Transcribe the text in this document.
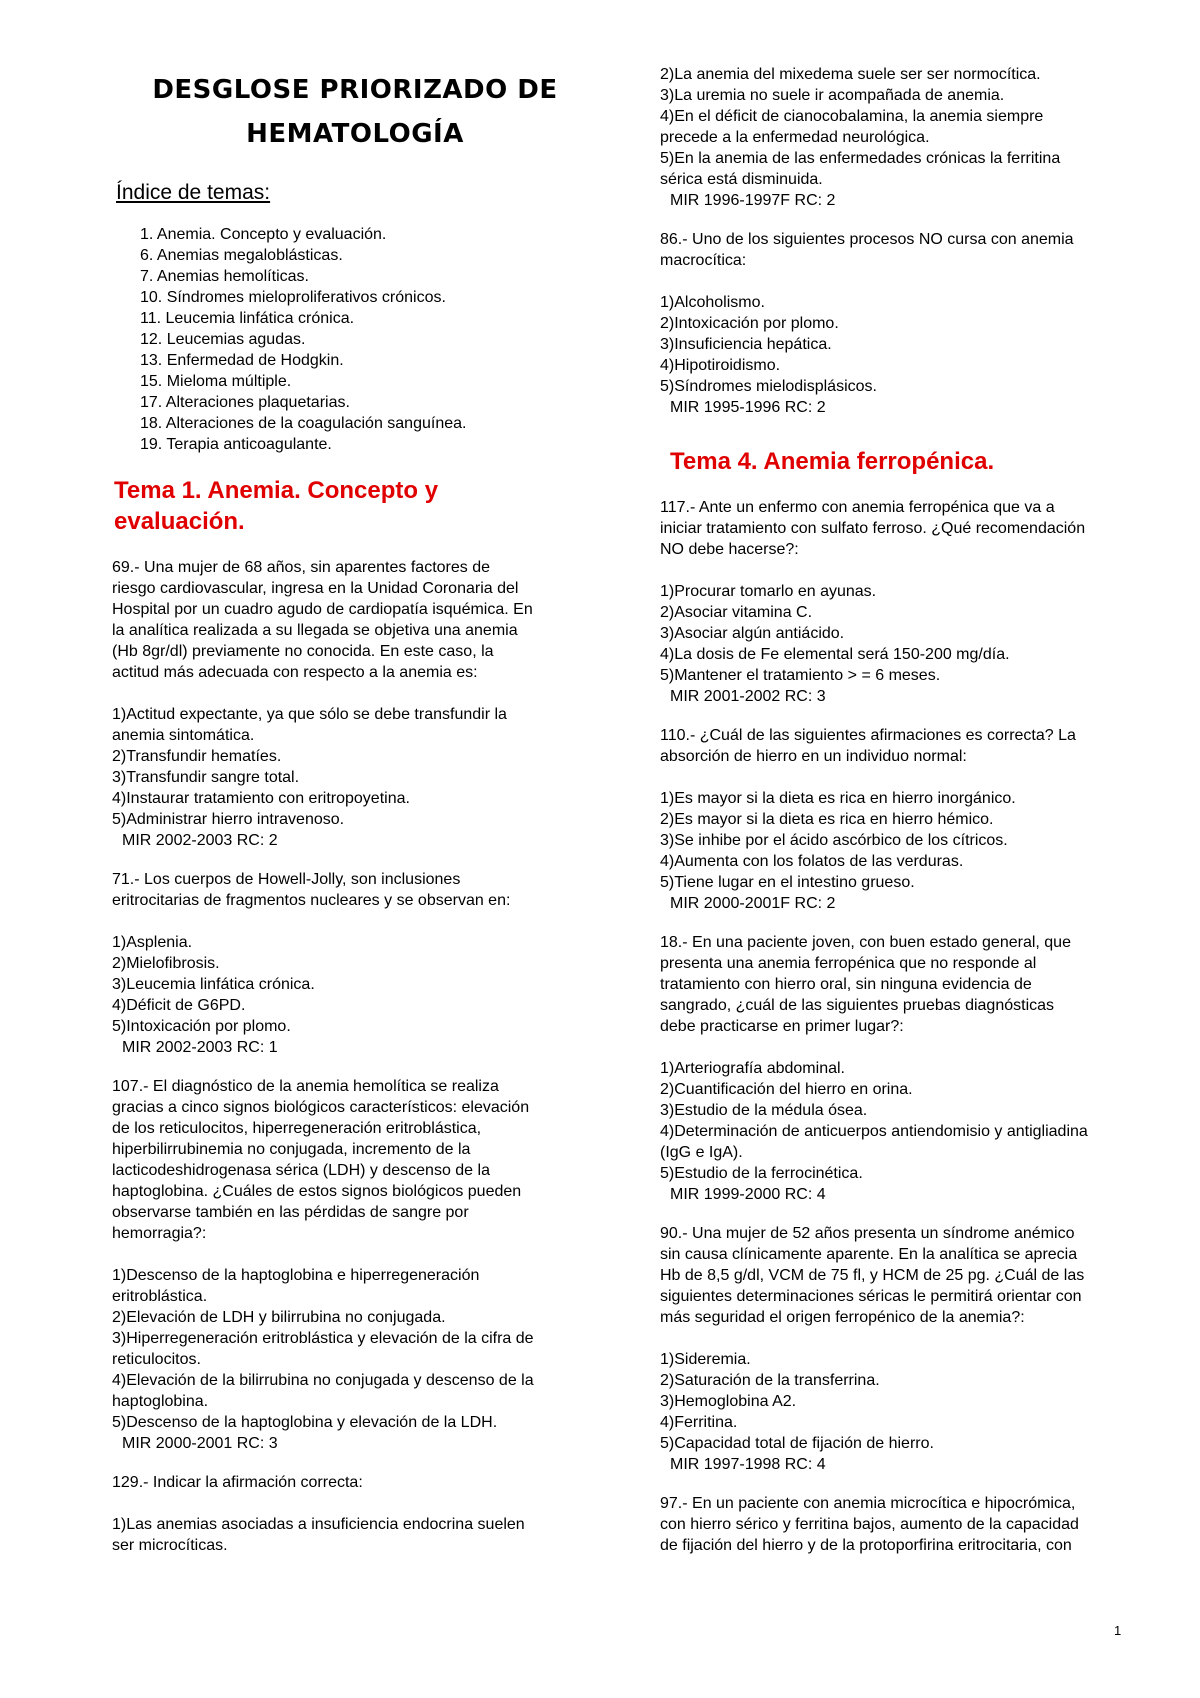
DESGLOSE PRIORIZADO DE
HEMATOLOGÍA
Índice de temas:
1. Anemia. Concepto y evaluación.
6. Anemias megaloblásticas.
7. Anemias hemolíticas.
10. Síndromes mieloproliferativos crónicos.
11. Leucemia linfática crónica.
12. Leucemias agudas.
13. Enfermedad de Hodgkin.
15. Mieloma múltiple.
17. Alteraciones plaquetarias.
18. Alteraciones de la coagulación sanguínea.
19. Terapia anticoagulante.
Tema 1. Anemia. Concepto y
evaluación.
69.- Una mujer de 68 años, sin aparentes factores de
riesgo cardiovascular, ingresa en la Unidad Coronaria del
Hospital por un cuadro agudo de cardiopatía isquémica. En
la analítica realizada a su llegada se objetiva una anemia
(Hb 8gr/dl) previamente no conocida. En este caso, la
actitud más adecuada con respecto a la anemia es:
1)Actitud expectante, ya que sólo se debe transfundir la
anemia sintomática.
2)Transfundir hematíes.
3)Transfundir sangre total.
4)Instaurar tratamiento con eritropoyetina.
5)Administrar hierro intravenoso.
MIR 2002-2003 RC: 2
71.- Los cuerpos de Howell-Jolly, son inclusiones
eritrocitarias de fragmentos nucleares y se observan en:
1)Asplenia.
2)Mielofibrosis.
3)Leucemia linfática crónica.
4)Déficit de G6PD.
5)Intoxicación por plomo.
MIR 2002-2003 RC: 1
107.- El diagnóstico de la anemia hemolítica se realiza
gracias a cinco signos biológicos característicos: elevación
de los reticulocitos, hiperregeneración eritroblástica,
hiperbilirrubinemia no conjugada, incremento de la
lacticodeshidrogenasa sérica (LDH) y descenso de la
haptoglobina. ¿Cuáles de estos signos biológicos pueden
observarse también en las pérdidas de sangre por
hemorragia?:
1)Descenso de la haptoglobina e hiperregeneración
eritroblástica.
2)Elevación de LDH y bilirrubina no conjugada.
3)Hiperregeneración eritroblástica y elevación de la cifra de
reticulocitos.
4)Elevación de la bilirrubina no conjugada y descenso de la
haptoglobina.
5)Descenso de la haptoglobina y elevación de la LDH.
MIR 2000-2001 RC: 3
129.- Indicar la afirmación correcta:
1)Las anemias asociadas a insuficiencia endocrina suelen
ser microcíticas.
2)La anemia del mixedema suele ser ser normocítica.
3)La uremia no suele ir acompañada de anemia.
4)En el déficit de cianocobalamina, la anemia siempre
precede a la enfermedad neurológica.
5)En la anemia de las enfermedades crónicas la ferritina
sérica está disminuida.
MIR 1996-1997F RC: 2
86.- Uno de los siguientes procesos NO cursa con anemia
macrocítica:
1)Alcoholismo.
2)Intoxicación por plomo.
3)Insuficiencia hepática.
4)Hipotiroidismo.
5)Síndromes mielodisplásicos.
MIR 1995-1996 RC: 2
Tema 4. Anemia ferropénica.
117.- Ante un enfermo con anemia ferropénica que va a
iniciar tratamiento con sulfato ferroso. ¿Qué recomendación
NO debe hacerse?:
1)Procurar tomarlo en ayunas.
2)Asociar vitamina C.
3)Asociar algún antiácido.
4)La dosis de Fe elemental será 150-200 mg/día.
5)Mantener el tratamiento > = 6 meses.
MIR 2001-2002 RC: 3
110.- ¿Cuál de las siguientes afirmaciones es correcta? La
absorción de hierro en un individuo normal:
1)Es mayor si la dieta es rica en hierro inorgánico.
2)Es mayor si la dieta es rica en hierro hémico.
3)Se inhibe por el ácido ascórbico de los cítricos.
4)Aumenta con los folatos de las verduras.
5)Tiene lugar en el intestino grueso.
MIR 2000-2001F RC: 2
18.- En una paciente joven, con buen estado general, que
presenta una anemia ferropénica que no responde al
tratamiento con hierro oral, sin ninguna evidencia de
sangrado, ¿cuál de las siguientes pruebas diagnósticas
debe practicarse en primer lugar?:
1)Arteriografía abdominal.
2)Cuantificación del hierro en orina.
3)Estudio de la médula ósea.
4)Determinación de anticuerpos antiendomisio y antigliadina
(IgG e IgA).
5)Estudio de la ferrocinética.
MIR 1999-2000 RC: 4
90.- Una mujer de 52 años presenta un síndrome anémico
sin causa clínicamente aparente. En la analítica se aprecia
Hb de 8,5 g/dl, VCM de 75 fl, y HCM de 25 pg. ¿Cuál de las
siguientes determinaciones séricas le permitirá orientar con
más seguridad el origen ferropénico de la anemia?:
1)Sideremia.
2)Saturación de la transferrina.
3)Hemoglobina A2.
4)Ferritina.
5)Capacidad total de fijación de hierro.
MIR 1997-1998 RC: 4
97.- En un paciente con anemia microcítica e hipocrómica,
con hierro sérico y ferritina bajos, aumento de la capacidad
de fijación del hierro y de la protoporfirina eritrocitaria, con
1
